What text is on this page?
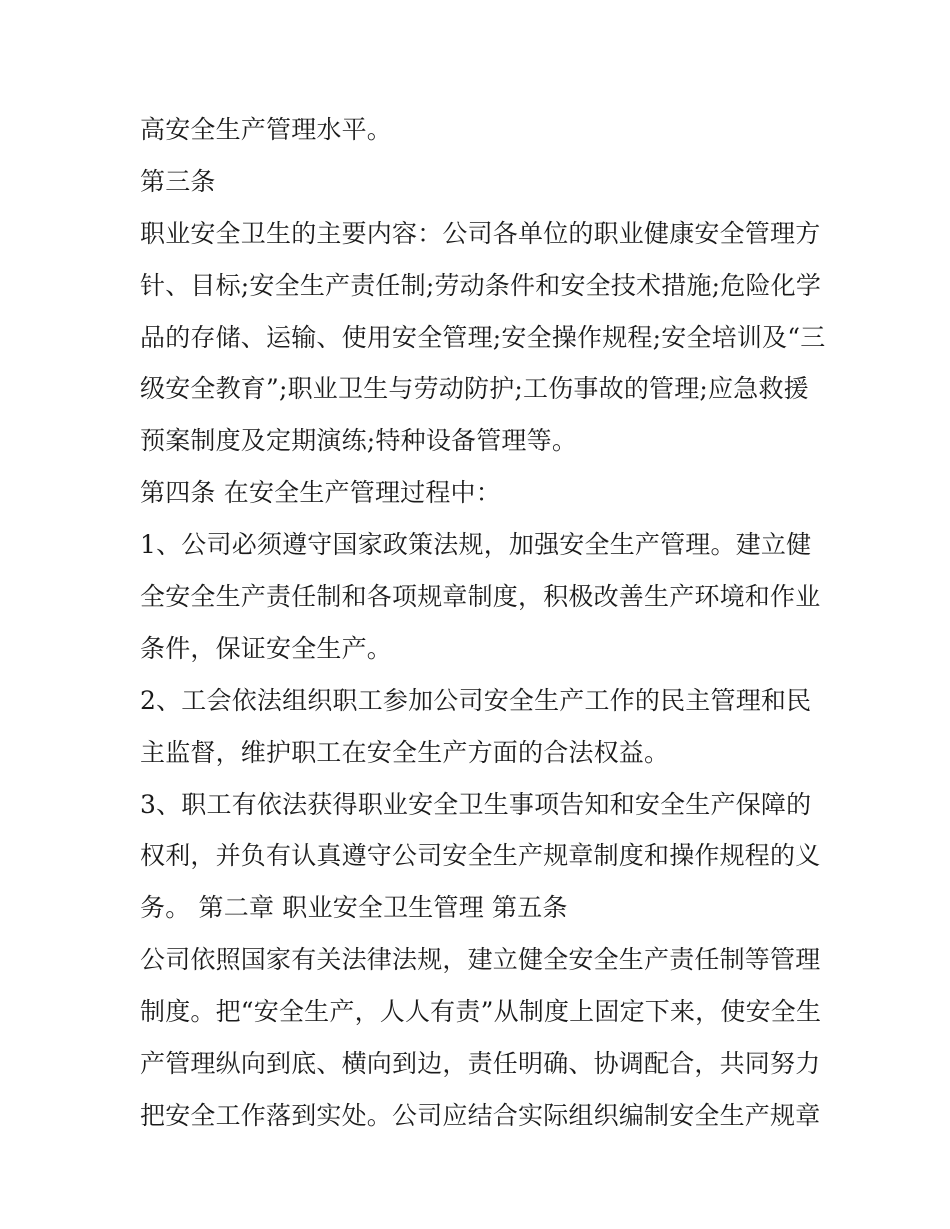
高安全生产管理水平。
第三条
职业安全卫生的主要内容：公司各单位的职业健康安全管理方
针、目标;安全生产责任制;劳动条件和安全技术措施;危险化学
品的存储、运输、使用安全管理;安全操作规程;安全培训及“三
级安全教育”;职业卫生与劳动防护;工伤事故的管理;应急救援
预案制度及定期演练;特种设备管理等。
第四条 在安全生产管理过程中：
1、公司必须遵守国家政策法规，加强安全生产管理。建立健
全安全生产责任制和各项规章制度，积极改善生产环境和作业
条件，保证安全生产。
2、工会依法组织职工参加公司安全生产工作的民主管理和民
主监督，维护职工在安全生产方面的合法权益。
3、职工有依法获得职业安全卫生事项告知和安全生产保障的
权利，并负有认真遵守公司安全生产规章制度和操作规程的义
务。 第二章 职业安全卫生管理 第五条
公司依照国家有关法律法规，建立健全安全生产责任制等管理
制度。把“安全生产，人人有责”从制度上固定下来，使安全生
产管理纵向到底、横向到边，责任明确、协调配合，共同努力
把安全工作落到实处。公司应结合实际组织编制安全生产规章
